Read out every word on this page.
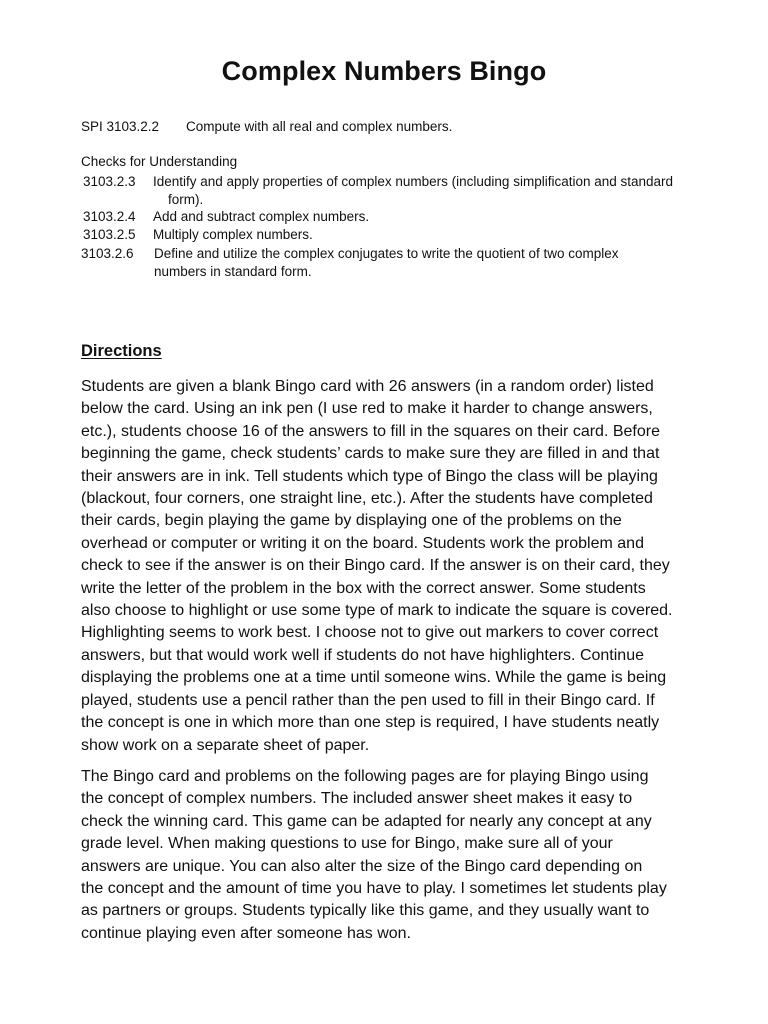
Complex Numbers Bingo
SPI 3103.2.2 Compute with all real and complex numbers.
Checks for Understanding
3103.2.3 Identify and apply properties of complex numbers (including simplification and standard
form).
3103.2.4 Add and subtract complex numbers.
3103.2.5 Multiply complex numbers.
3103.2.6 Define and utilize the complex conjugates to write the quotient of two complex
numbers in standard form.
Directions
Students are given a blank Bingo card with 26 answers (in a random order) listed
below the card. Using an ink pen (I use red to make it harder to change answers,
etc.), students choose 16 of the answers to fill in the squares on their card. Before
beginning the game, check students’ cards to make sure they are filled in and that
their answers are in ink. Tell students which type of Bingo the class will be playing
(blackout, four corners, one straight line, etc.). After the students have completed
their cards, begin playing the game by displaying one of the problems on the
overhead or computer or writing it on the board. Students work the problem and
check to see if the answer is on their Bingo card. If the answer is on their card, they
write the letter of the problem in the box with the correct answer. Some students
also choose to highlight or use some type of mark to indicate the square is covered.
Highlighting seems to work best. I choose not to give out markers to cover correct
answers, but that would work well if students do not have highlighters. Continue
displaying the problems one at a time until someone wins. While the game is being
played, students use a pencil rather than the pen used to fill in their Bingo card. If
the concept is one in which more than one step is required, I have students neatly
show work on a separate sheet of paper.
The Bingo card and problems on the following pages are for playing Bingo using
the concept of complex numbers. The included answer sheet makes it easy to
check the winning card. This game can be adapted for nearly any concept at any
grade level. When making questions to use for Bingo, make sure all of your
answers are unique. You can also alter the size of the Bingo card depending on
the concept and the amount of time you have to play. I sometimes let students play
as partners or groups. Students typically like this game, and they usually want to
continue playing even after someone has won.
